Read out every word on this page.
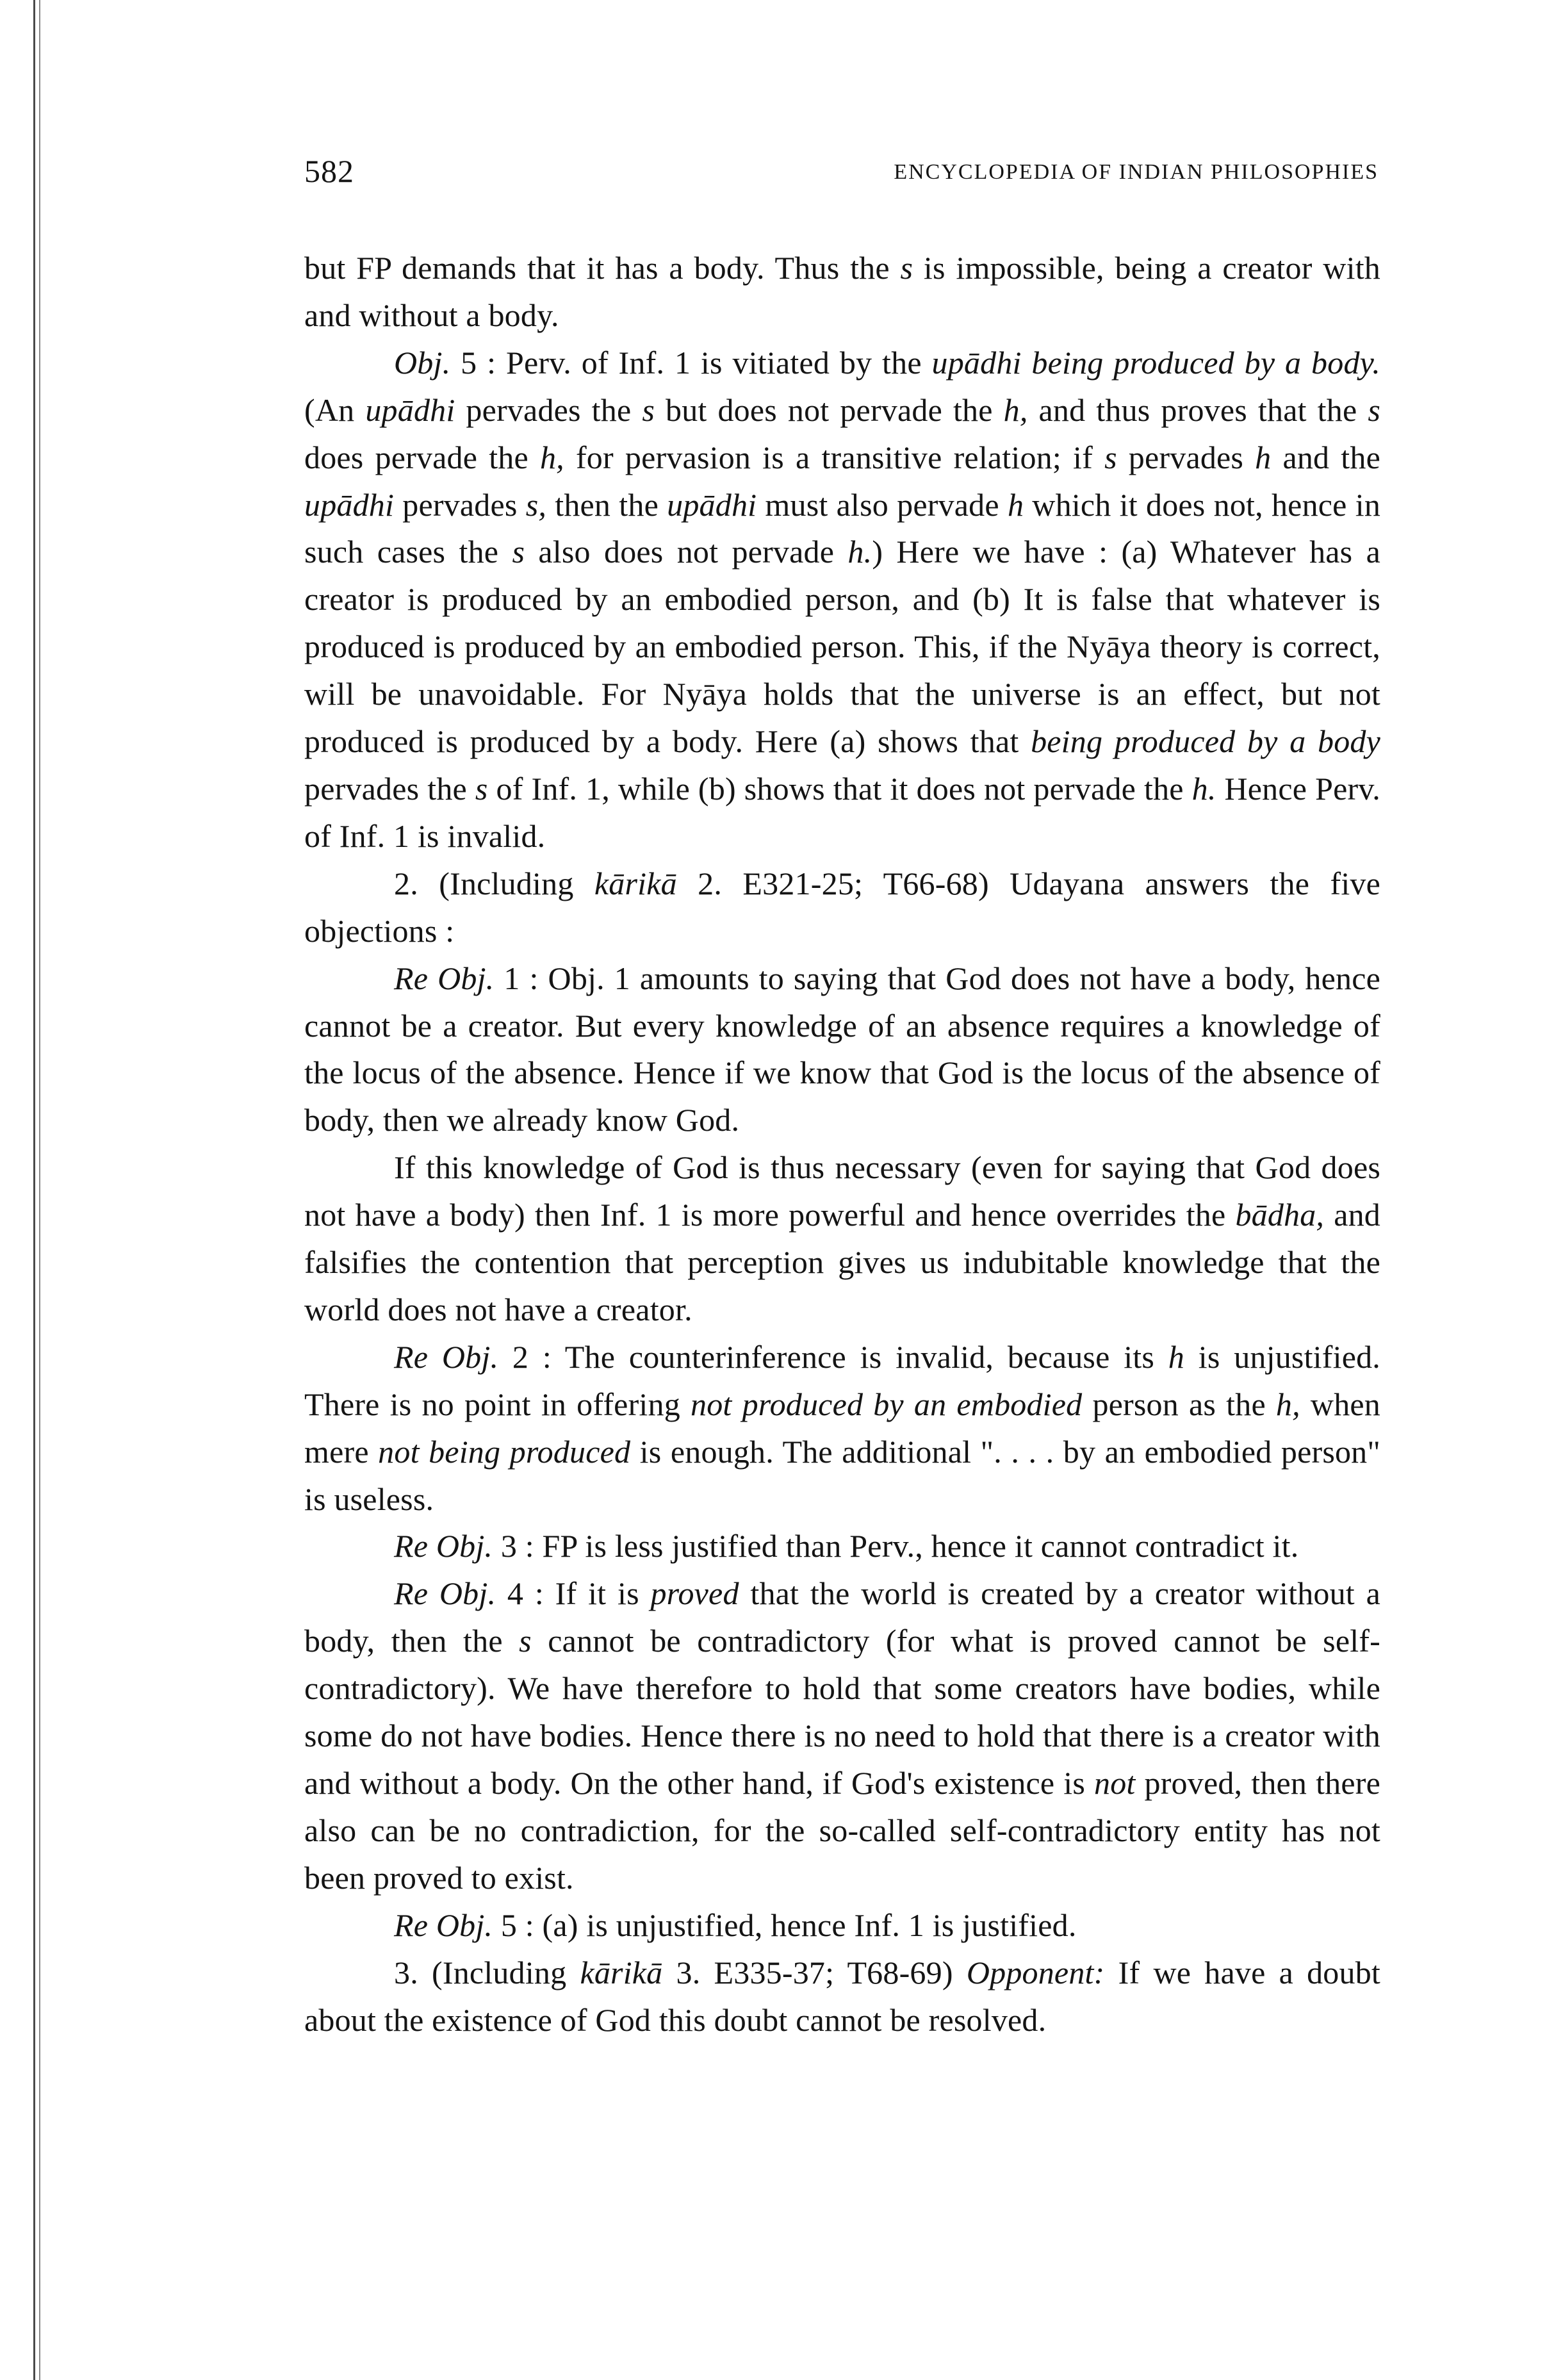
582	ENCYCLOPEDIA OF INDIAN PHILOSOPHIES

but FP demands that it has a body. Thus the s is impossible, being a creator with and without a body.

Obj. 5 : Perv. of Inf. 1 is vitiated by the upādhi being produced by a body. (An upādhi pervades the s but does not pervade the h, and thus proves that the s does pervade the h, for pervasion is a transitive relation; if s pervades h and the upādhi pervades s, then the upādhi must also pervade h which it does not, hence in such cases the s also does not pervade h.) Here we have : (a) Whatever has a creator is produced by an embodied person, and (b) It is false that whatever is produced is produced by an embodied person. This, if the Nyāya theory is correct, will be unavoidable. For Nyāya holds that the universe is an effect, but not produced is produced by a body. Here (a) shows that being produced by a body pervades the s of Inf. 1, while (b) shows that it does not pervade the h. Hence Perv. of Inf. 1 is invalid.

2. (Including kārikā 2. E321-25; T66-68) Udayana answers the five objections :

Re Obj. 1 : Obj. 1 amounts to saying that God does not have a body, hence cannot be a creator. But every knowledge of an absence requires a knowledge of the locus of the absence. Hence if we know that God is the locus of the absence of body, then we already know God.

If this knowledge of God is thus necessary (even for saying that God does not have a body) then Inf. 1 is more powerful and hence overrides the bādha, and falsifies the contention that perception gives us indubitable knowledge that the world does not have a creator.

Re Obj. 2 : The counterinference is invalid, because its h is unjustified. There is no point in offering not produced by an embodied person as the h, when mere not being produced is enough. The additional ". . . . by an embodied person" is useless.

Re Obj. 3 : FP is less justified than Perv., hence it cannot contradict it.

Re Obj. 4 : If it is proved that the world is created by a creator without a body, then the s cannot be contradictory (for what is proved cannot be self-contradictory). We have therefore to hold that some creators have bodies, while some do not have bodies. Hence there is no need to hold that there is a creator with and without a body. On the other hand, if God's existence is not proved, then there also can be no contradiction, for the so-called self-contradictory entity has not been proved to exist.

Re Obj. 5 : (a) is unjustified, hence Inf. 1 is justified.

3. (Including kārikā 3. E335-37; T68-69) Opponent: If we have a doubt about the existence of God this doubt cannot be resolved.
